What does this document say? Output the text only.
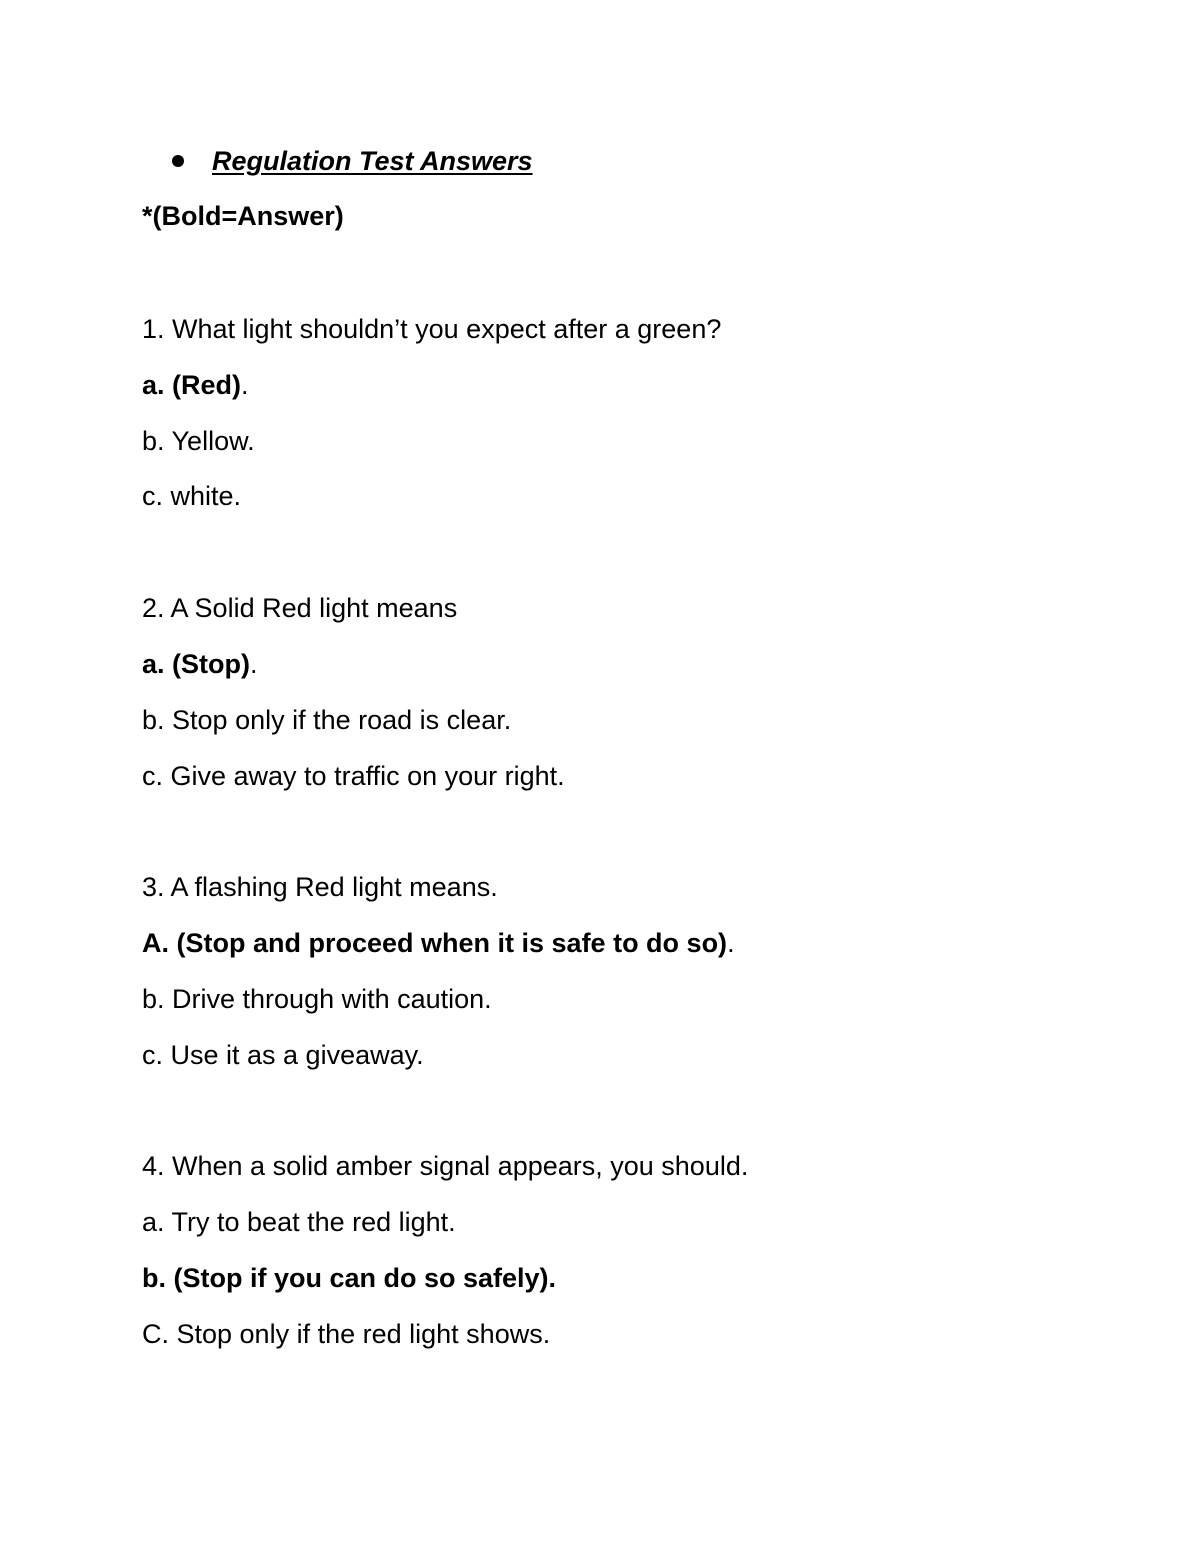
Regulation Test Answers
*(Bold=Answer)
1. What light shouldn’t you expect after a green?
a. (Red).
b. Yellow.
c. white.
2. A Solid Red light means
a. (Stop).
b. Stop only if the road is clear.
c. Give away to traffic on your right.
3. A flashing Red light means.
A. (Stop and proceed when it is safe to do so).
b. Drive through with caution.
c. Use it as a giveaway.
4. When a solid amber signal appears, you should.
a. Try to beat the red light.
b. (Stop if you can do so safely).
C. Stop only if the red light shows.
